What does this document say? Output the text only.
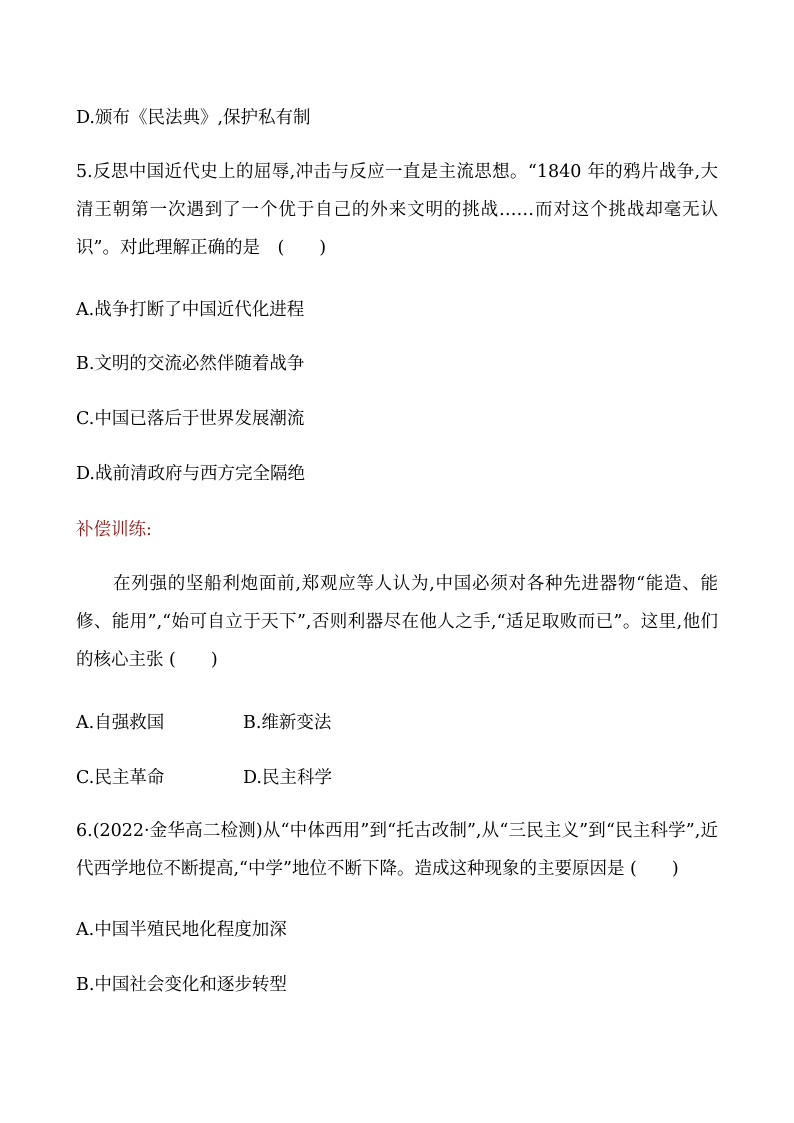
D.颁布《民法典》,保护私有制
5.反思中国近代史上的屈辱,冲击与反应一直是主流思想。“1840 年的鸦片战争,大清王朝第一次遇到了一个优于自己的外来文明的挑战……而对这个挑战却毫无认识”。对此理解正确的是　(　　)
A.战争打断了中国近代化进程
B.文明的交流必然伴随着战争
C.中国已落后于世界发展潮流
D.战前清政府与西方完全隔绝
补偿训练:
在列强的坚船利炮面前,郑观应等人认为,中国必须对各种先进器物“能造、能修、能用”,“始可自立于天下”,否则利器尽在他人之手,“适足取败而已”。这里,他们的核心主张 (　　)
A.自强救国	B.维新变法
C.民主革命	D.民主科学
6.(2022·金华高二检测)从“中体西用”到“托古改制”,从“三民主义”到“民主科学”,近代西学地位不断提高,“中学”地位不断下降。造成这种现象的主要原因是 (　　)
A.中国半殖民地化程度加深
B.中国社会变化和逐步转型
